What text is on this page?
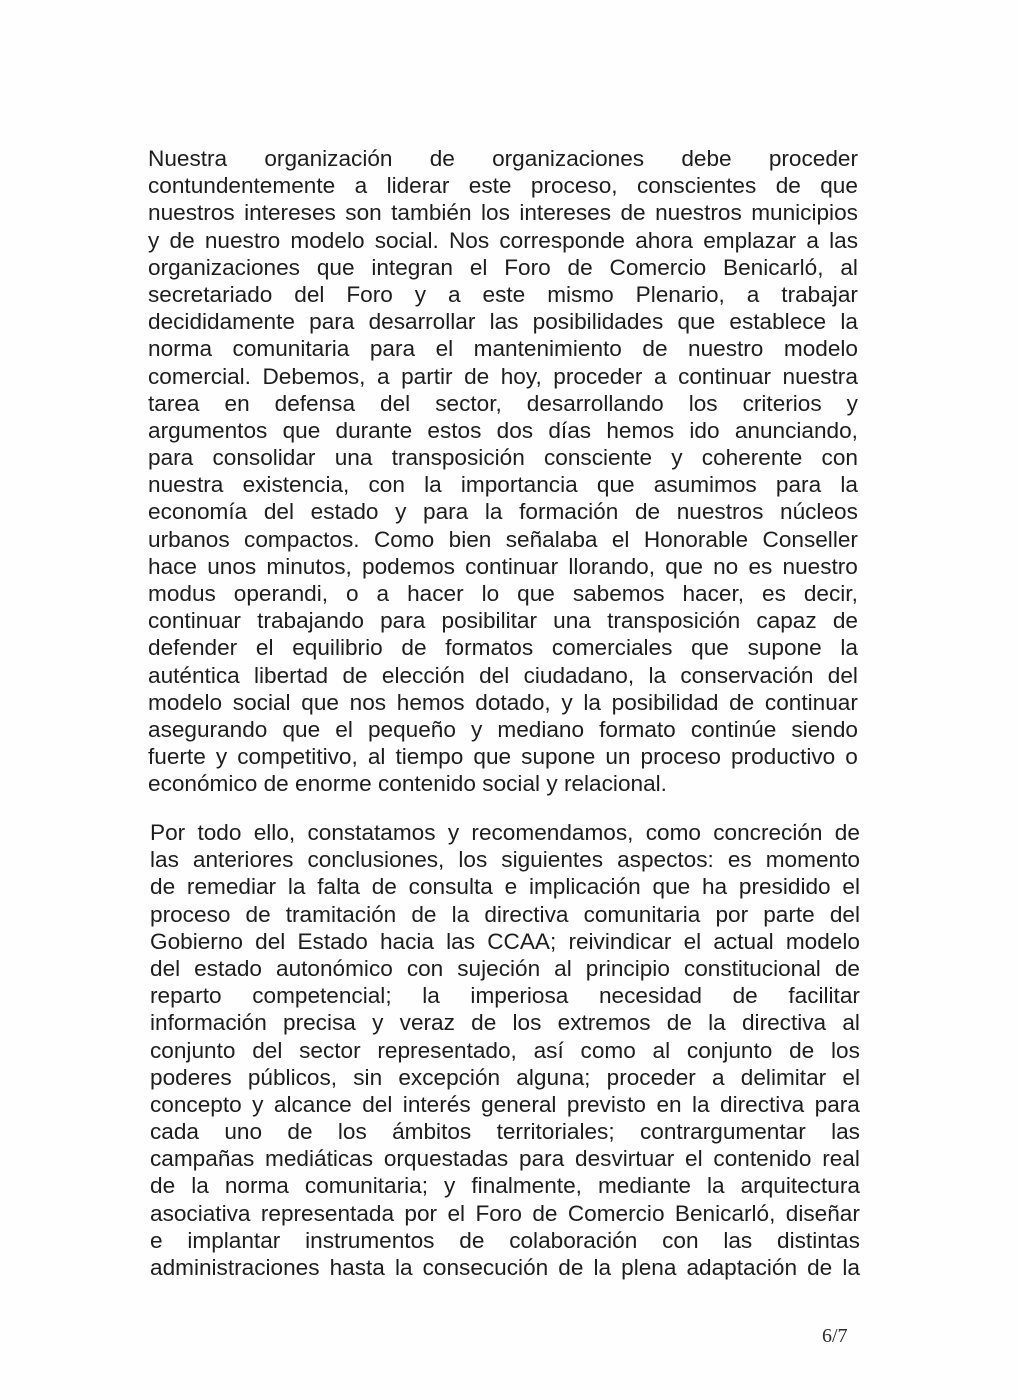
Nuestra organización de organizaciones debe proceder
contundentemente a liderar este proceso, conscientes de que
nuestros intereses son también los intereses de nuestros municipios
y de nuestro modelo social. Nos corresponde ahora emplazar a las
organizaciones que integran el Foro de Comercio Benicarló, al
secretariado del Foro y a este mismo Plenario, a trabajar
decididamente para desarrollar las posibilidades que establece la
norma comunitaria para el mantenimiento de nuestro modelo
comercial. Debemos, a partir de hoy, proceder a continuar nuestra
tarea en defensa del sector, desarrollando los criterios y
argumentos que durante estos dos días hemos ido anunciando,
para consolidar una transposición consciente y coherente con
nuestra existencia, con la importancia que asumimos para la
economía del estado y para la formación de nuestros núcleos
urbanos compactos. Como bien señalaba el Honorable Conseller
hace unos minutos, podemos continuar llorando, que no es nuestro
modus operandi, o a hacer lo que sabemos hacer, es decir,
continuar trabajando para posibilitar una transposición capaz de
defender el equilibrio de formatos comerciales que supone la
auténtica libertad de elección del ciudadano, la conservación del
modelo social que nos hemos dotado, y la posibilidad de continuar
asegurando que el pequeño y mediano formato continúe siendo
fuerte y competitivo, al tiempo que supone un proceso productivo o
económico de enorme contenido social y relacional.
Por todo ello, constatamos y recomendamos, como concreción de
las anteriores conclusiones, los siguientes aspectos: es momento
de remediar la falta de consulta e implicación que ha presidido el
proceso de tramitación de la directiva comunitaria por parte del
Gobierno del Estado hacia las CCAA; reivindicar el actual modelo
del estado autonómico con sujeción al principio constitucional de
reparto competencial; la imperiosa necesidad de facilitar
información precisa y veraz de los extremos de la directiva al
conjunto del sector representado, así como al conjunto de los
poderes públicos, sin excepción alguna; proceder a delimitar el
concepto y alcance del interés general previsto en la directiva para
cada uno de los ámbitos territoriales; contrargumentar las
campañas mediáticas orquestadas para desvirtuar el contenido real
de la norma comunitaria; y finalmente, mediante la arquitectura
asociativa representada por el Foro de Comercio Benicarló, diseñar
e implantar instrumentos de colaboración con las distintas
administraciones hasta la consecución de la plena adaptación de la
6/7
